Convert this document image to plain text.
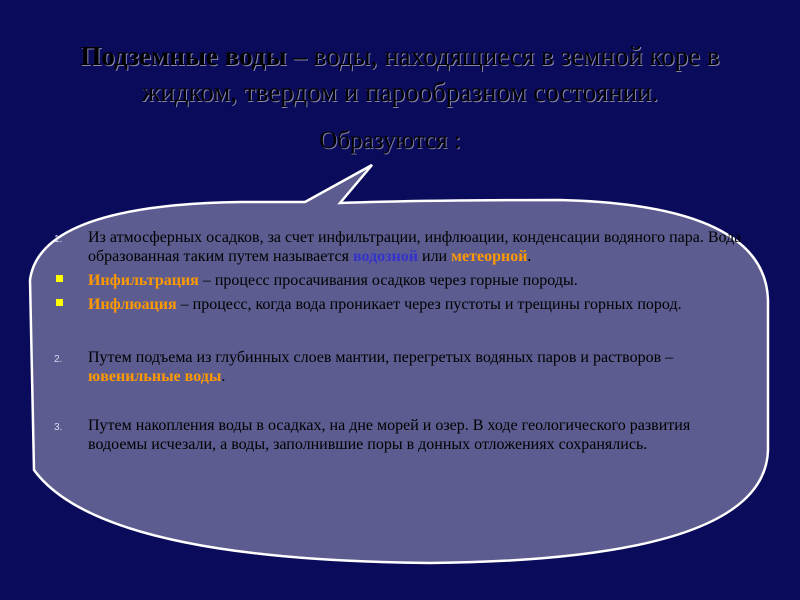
Подземные воды – воды, находящиеся в земной коре в жидком, твердом и парообразном состоянии.
Образуются :
1. Из атмосферных осадков, за счет инфильтрации, инфлюации, конденсации водяного пара. Вода образованная таким путем называется водозной или метеорной.
Инфильтрация – процесс просачивания осадков через горные породы.
Инфлюация – процесс, когда вода проникает через пустоты и трещины горных пород.
2. Путем подъема из глубинных слоев мантии, перегретых водяных паров и растворов – ювенильные воды.
3. Путем накопления воды в осадках, на дне морей и озер. В ходе геологического развития водоемы исчезали, а воды, заполнившие поры в донных отложениях сохранялись.
